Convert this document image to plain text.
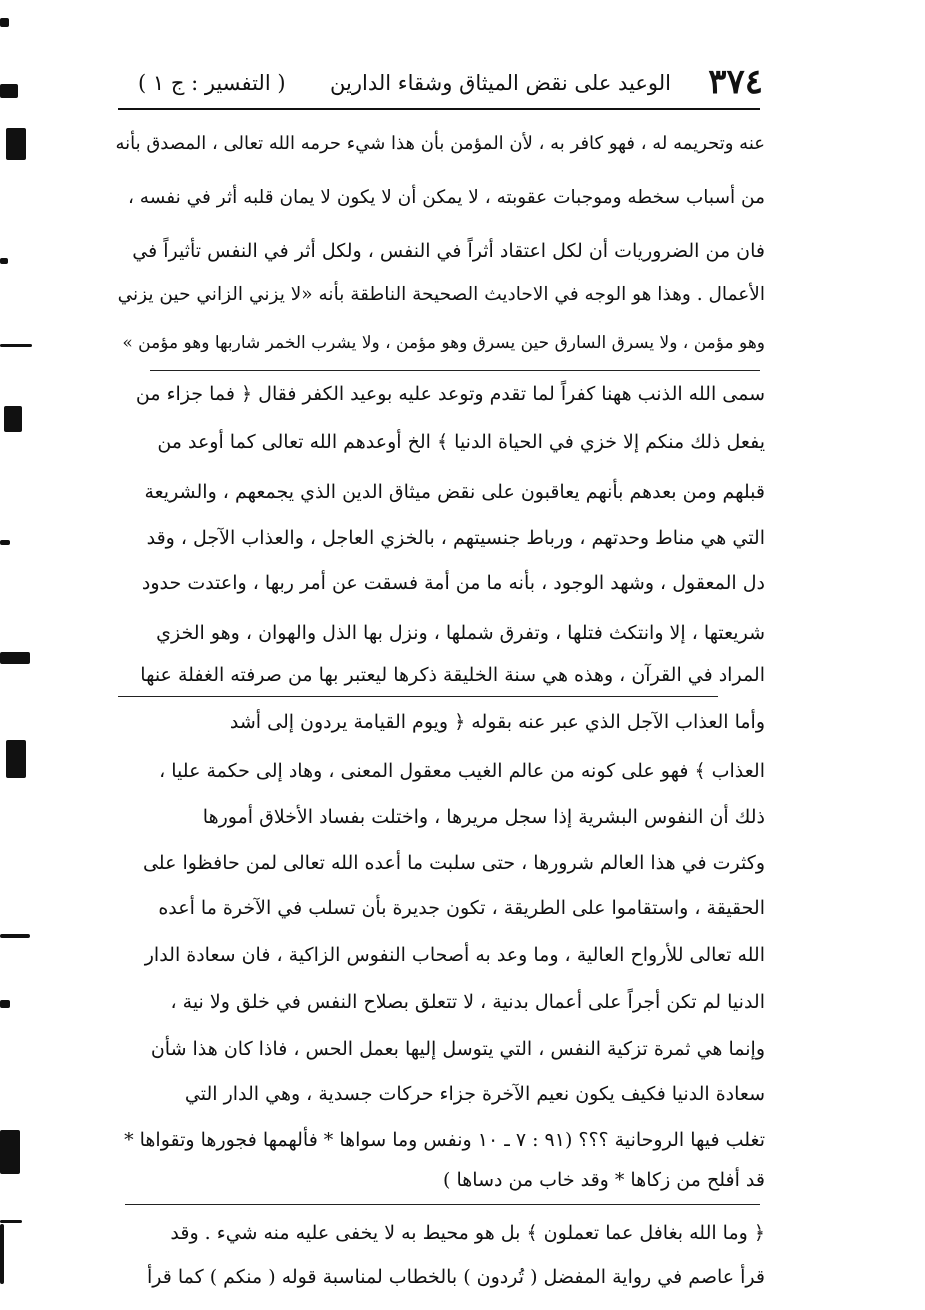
٣٧٤
الوعيد على نقض الميثاق وشقاء الدارين
( التفسير : ج ١ )
عنه وتحريمه له ، فهو كافر به ، لأن المؤمن بأن هذا شيء حرمه الله تعالى ، المصدق بأنه
من أسباب سخطه وموجبات عقوبته ، لا يمكن أن لا يكون لا يمان قلبه أثر في نفسه ،
فان من الضروريات أن لكل اعتقاد أثراً في النفس ، ولكل أثر في النفس تأثيراً في
الأعمال . وهذا هو الوجه في الاحاديث الصحيحة الناطقة بأنه «لا يزني الزاني حين يزني
وهو مؤمن ، ولا يسرق السارق حين يسرق وهو مؤمن ، ولا يشرب الخمر شاربها وهو مؤمن »
سمى الله الذنب ههنا كفراً لما تقدم وتوعد عليه بوعيد الكفر فقال ﴿ فما جزاء من
يفعل ذلك منكم إلا خزي في الحياة الدنيا ﴾ الخ أوعدهم الله تعالى كما أوعد من
قبلهم ومن بعدهم بأنهم يعاقبون على نقض ميثاق الدين الذي يجمعهم ، والشريعة
التي هي مناط وحدتهم ، ورباط جنسيتهم ، بالخزي العاجل ، والعذاب الآجل ، وقد
دل المعقول ، وشهد الوجود ، بأنه ما من أمة فسقت عن أمر ربها ، واعتدت حدود
شريعتها ، إلا وانتكث فتلها ، وتفرق شملها ، ونزل بها الذل والهوان ، وهو الخزي
المراد في القرآن ، وهذه هي سنة الخليقة ذكرها ليعتبر بها من صرفته الغفلة عنها
وأما العذاب الآجل الذي عبر عنه بقوله ﴿ ويوم القيامة يردون إلى أشد
العذاب ﴾ فهو على كونه من عالم الغيب معقول المعنى ، وهاد إلى حكمة عليا ،
ذلك أن النفوس البشرية إذا سجل مريرها ، واختلت بفساد الأخلاق أمورها
وكثرت في هذا العالم شرورها ، حتى سلبت ما أعده الله تعالى لمن حافظوا على
الحقيقة ، واستقاموا على الطريقة ، تكون جديرة بأن تسلب في الآخرة ما أعده
الله تعالى للأرواح العالية ، وما وعد به أصحاب النفوس الزاكية ، فان سعادة الدار
الدنيا لم تكن أجراً على أعمال بدنية ، لا تتعلق بصلاح النفس في خلق ولا نية ،
وإنما هي ثمرة تزكية النفس ، التي يتوسل إليها بعمل الحس ، فاذا كان هذا شأن
سعادة الدنيا فكيف يكون نعيم الآخرة جزاء حركات جسدية ، وهي الدار التي
تغلب فيها الروحانية ؟؟؟ (٩١ : ٧ ـ ١٠ ونفس وما سواها * فألهمها فجورها وتقواها *
قد أفلح من زكاها * وقد خاب من دساها )
﴿ وما الله بغافل عما تعملون ﴾ بل هو محيط به لا يخفى عليه منه شيء . وقد
قرأ عاصم في رواية المفضل ( تُردون ) بالخطاب لمناسبة قوله ( منكم ) كما قرأ
